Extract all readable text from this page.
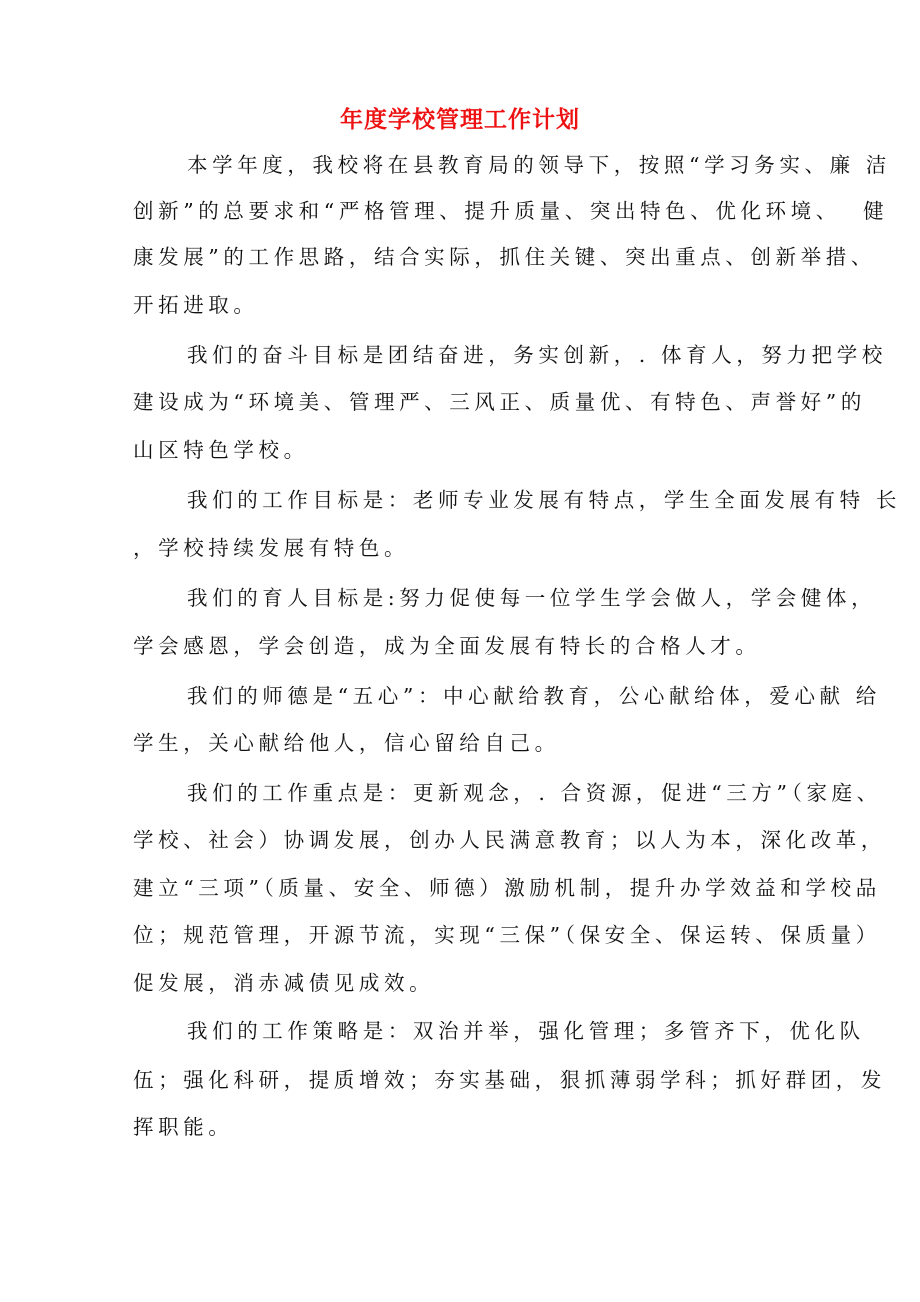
年度学校管理工作计划
本学年度，我校将在县教育局的领导下，按照“学习务实、廉 洁
创新”的总要求和“严格管理、提升质量、突出特色、优化环境、  健
康发展”的工作思路，结合实际，抓住关键、突出重点、创新举措、
开拓进取。
我们的奋斗目标是团结奋进，务实创新，. 体育人，努力把学校
建设成为“环境美、管理严、三风正、质量优、有特色、声誉好”的
山区特色学校。
我们的工作目标是：老师专业发展有特点，学生全面发展有特 长
，学校持续发展有特色。
我们的育人目标是:努力促使每一位学生学会做人，学会健体，
学会感恩，学会创造，成为全面发展有特长的合格人才。
我们的师德是“五心”：中心献给教育，公心献给体，爱心献 给
学生，关心献给他人，信心留给自己。
我们的工作重点是：更新观念，. 合资源，促进“三方”（家庭、
学校、社会）协调发展，创办人民满意教育；以人为本，深化改革，
建立“三项”（质量、安全、师德）激励机制，提升办学效益和学校品
位；规范管理，开源节流，实现“三保”（保安全、保运转、保质量）
促发展，消赤减债见成效。
我们的工作策略是：双治并举，强化管理；多管齐下，优化队
伍；强化科研，提质增效；夯实基础，狠抓薄弱学科；抓好群团，发
挥职能。
